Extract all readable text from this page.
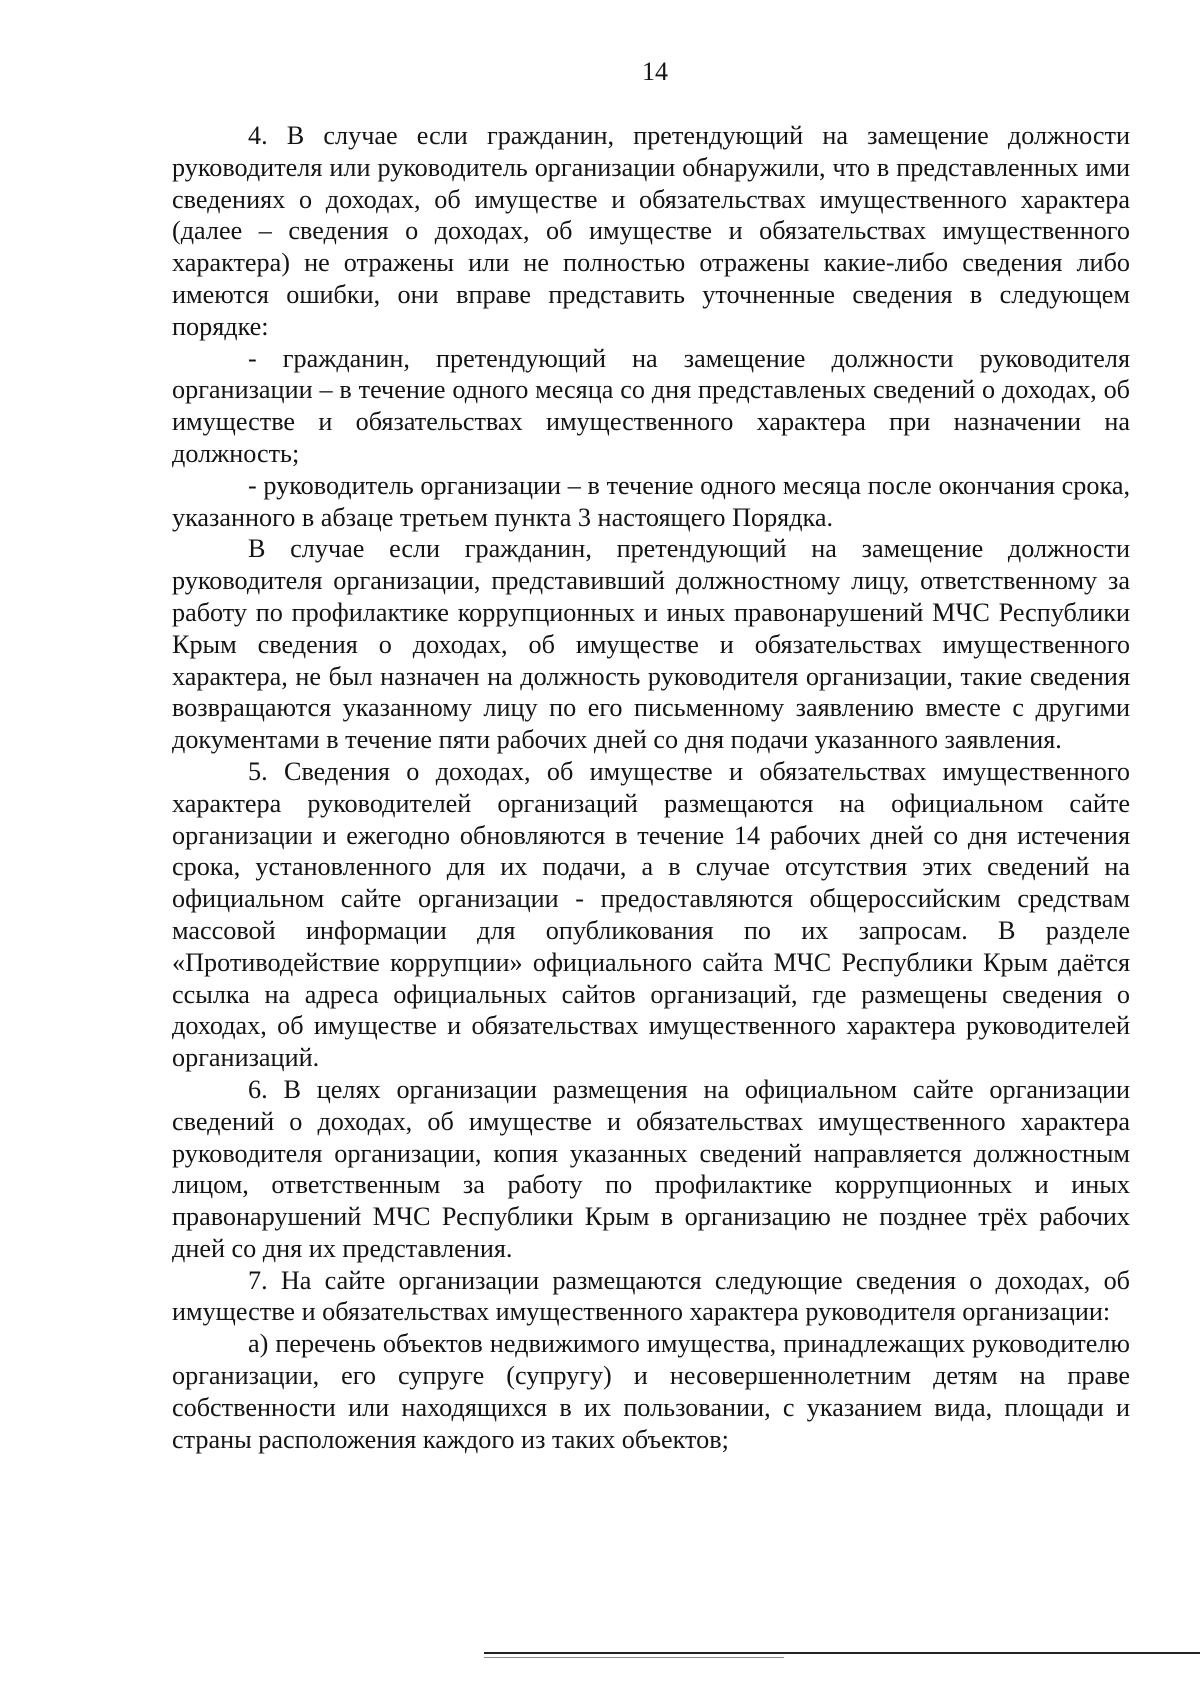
14

4. В случае если гражданин, претендующий на замещение должности руководителя или руководитель организации обнаружили, что в представленных ими сведениях о доходах, об имуществе и обязательствах имущественного характера (далее – сведения о доходах, об имуществе и обязательствах имущественного характера) не отражены или не полностью отражены какие-либо сведения либо имеются ошибки, они вправе представить уточненные сведения в следующем порядке:

- гражданин, претендующий на замещение должности руководителя организации – в течение одного месяца со дня представленых сведений о доходах, об имуществе и обязательствах имущественного характера при назначении на должность;

- руководитель организации – в течение одного месяца после окончания срока, указанного в абзаце третьем пункта 3 настоящего Порядка.

В случае если гражданин, претендующий на замещение должности руководителя организации, представивший должностному лицу, ответственному за работу по профилактике коррупционных и иных правонарушений МЧС Республики Крым сведения о доходах, об имуществе и обязательствах имущественного характера, не был назначен на должность руководителя организации, такие сведения возвращаются указанному лицу по его письменному заявлению вместе с другими документами в течение пяти рабочих дней со дня подачи указанного заявления.

5. Сведения о доходах, об имуществе и обязательствах имущественного характера руководителей организаций размещаются на официальном сайте организации и ежегодно обновляются в течение 14 рабочих дней со дня истечения срока, установленного для их подачи, а в случае отсутствия этих сведений на официальном сайте организации - предоставляются общероссийским средствам массовой информации для опубликования по их запросам. В разделе «Противодействие коррупции» официального сайта МЧС Республики Крым даётся ссылка на адреса официальных сайтов организаций, где размещены сведения о доходах, об имуществе и обязательствах имущественного характера руководителей организаций.

6. В целях организации размещения на официальном сайте организации сведений о доходах, об имуществе и обязательствах имущественного характера руководителя организации, копия указанных сведений направляется должностным лицом, ответственным за работу по профилактике коррупционных и иных правонарушений МЧС Республики Крым в организацию не позднее трёх рабочих дней со дня их представления.

7. На сайте организации размещаются следующие сведения о доходах, об имуществе и обязательствах имущественного характера руководителя организации:

а) перечень объектов недвижимого имущества, принадлежащих руководителю организации, его супруге (супругу) и несовершеннолетним детям на праве собственности или находящихся в их пользовании, с указанием вида, площади и страны расположения каждого из таких объектов;
